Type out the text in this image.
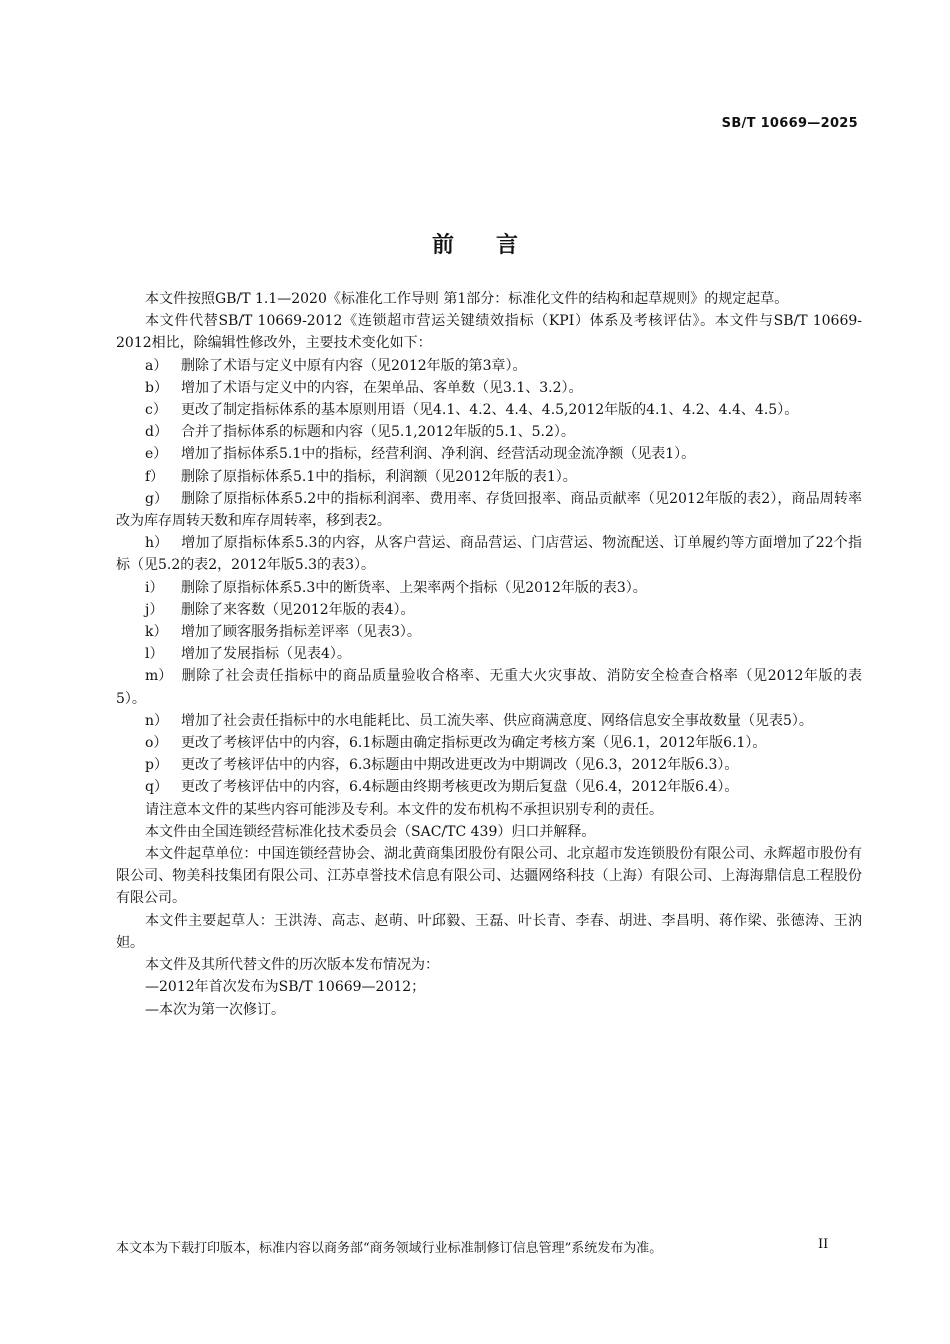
SB/T 10669—2025
前言

本文件按照GB/T 1.1—2020《标准化工作导则 第1部分：标准化文件的结构和起草规则》的规定起草。

本文件代替SB/T 10669-2012《连锁超市营运关键绩效指标（KPI）体系及考核评估》。本文件与SB/T 10669-2012相比，除编辑性修改外，主要技术变化如下：

a） 删除了术语与定义中原有内容（见2012年版的第3章）。

b） 增加了术语与定义中的内容，在架单品、客单数（见3.1、3.2）。

c） 更改了制定指标体系的基本原则用语（见4.1、4.2、4.4、4.5,2012年版的4.1、4.2、4.4、4.5）。

d） 合并了指标体系的标题和内容（见5.1,2012年版的5.1、5.2）。

e） 增加了指标体系5.1中的指标，经营利润、净利润、经营活动现金流净额（见表1）。

f） 删除了原指标体系5.1中的指标，利润额（见2012年版的表1）。

g） 删除了原指标体系5.2中的指标利润率、费用率、存货回报率、商品贡献率（见2012年版的表2），商品周转率改为库存周转天数和库存周转率，移到表2。

h） 增加了原指标体系5.3的内容，从客户营运、商品营运、门店营运、物流配送、订单履约等方面增加了22个指标（见5.2的表2，2012年版5.3的表3）。

i） 删除了原指标体系5.3中的断货率、上架率两个指标（见2012年版的表3）。

j） 删除了来客数（见2012年版的表4）。

k） 增加了顾客服务指标差评率（见表3）。

l） 增加了发展指标（见表4）。

m） 删除了社会责任指标中的商品质量验收合格率、无重大火灾事故、消防安全检查合格率（见2012年版的表5）。

n） 增加了社会责任指标中的水电能耗比、员工流失率、供应商满意度、网络信息安全事故数量（见表5）。

o） 更改了考核评估中的内容，6.1标题由确定指标更改为确定考核方案（见6.1，2012年版6.1）。

p） 更改了考核评估中的内容，6.3标题由中期改进更改为中期调改（见6.3，2012年版6.3）。

q） 更改了考核评估中的内容，6.4标题由终期考核更改为期后复盘（见6.4，2012年版6.4）。

请注意本文件的某些内容可能涉及专利。本文件的发布机构不承担识别专利的责任。

本文件由全国连锁经营标准化技术委员会（SAC/TC 439）归口并解释。

本文件起草单位：中国连锁经营协会、湖北黄商集团股份有限公司、北京超市发连锁股份有限公司、永辉超市股份有限公司、物美科技集团有限公司、江苏卓誉技术信息有限公司、达疆网络科技（上海）有限公司、上海海鼎信息工程股份有限公司。

本文件主要起草人：王洪涛、高志、赵萌、叶邱毅、王磊、叶长青、李春、胡进、李昌明、蒋作梁、张德涛、王汭妲。

本文件及其所代替文件的历次版本发布情况为：

—2012年首次发布为SB/T 10669—2012；

—本次为第一次修订。

本文本为下载打印版本，标准内容以商务部“商务领域行业标准制修订信息管理”系统发布为准。	II
